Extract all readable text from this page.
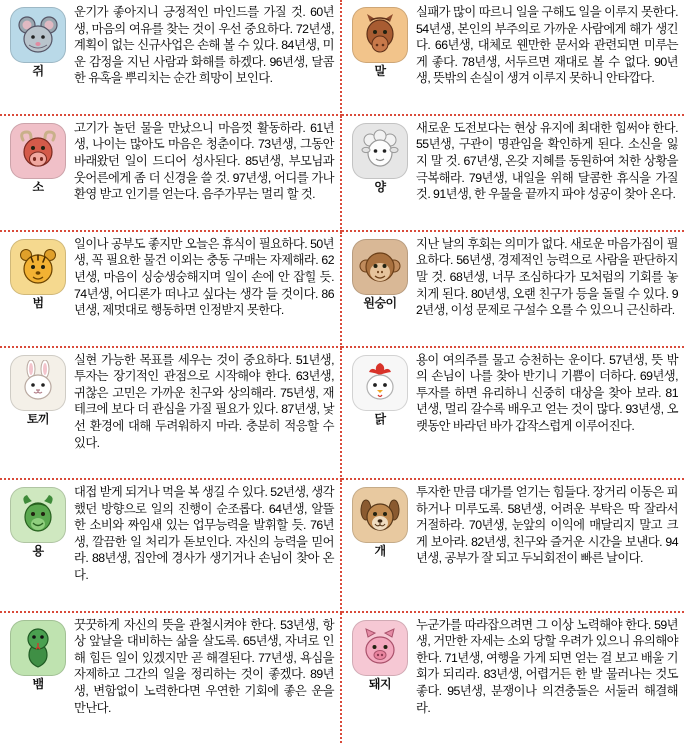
쥐
운기가 좋아지니 긍정적인 마인드를 가질 것. 60년생, 마음의 여유를 찾는 것이 우선 중요하다. 72년생, 계획이 없는 신규사업은 손해 볼 수 있다. 84년생, 미운 감정을 지닌 사람과 화해를 하겠다. 96년생, 달콤한 유혹을 뿌리치는 순간 희망이 보인다.
말
실패가 많이 따르니 일을 구해도 일을 이루지 못한다. 54년생, 본인의 부주의로 가까운 사람에게 해가 생긴다. 66년생, 대체로 웬만한 문서와 관련되면 미루는 게 좋다. 78년생, 서두르면 재대로 볼 수 없다. 90년생, 뜻밖의 손실이 생겨 이루지 못하니 안타깝다.
소
고기가 놀던 물을 만났으니 마음껏 활동하라. 61년생, 나이는 많아도 마음은 청춘이다. 73년생, 그동안 바래왔던 일이 드디어 성사된다. 85년생, 부모님과 웃어른에게 좀 더 신경을 쓸 것. 97년생, 어디를 가나 환영 받고 인기를 얻는다. 음주가무는 멀리 할 것.
양
새로운 도전보다는 현상 유지에 최대한 힘써야 한다. 55년생, 구관이 명관임을 확인하게 된다. 소신을 잃지 말 것. 67년생, 온갖 지혜를 동원하여 처한 상황을 극복해라. 79년생, 내일을 위해 달콤한 휴식을 가질 것. 91년생, 한 우물을 끝까지 파야 성공이 찾아 온다.
범
일이나 공부도 좋지만 오늘은 휴식이 필요하다. 50년생, 꼭 필요한 물건 이외는 충동 구매는 자제해라. 62년생, 마음이 싱숭생숭해지며 일이 손에 안 잡힐 듯. 74년생, 어디론가 떠나고 싶다는 생각 들 것이다. 86년생, 제멋대로 행동하면 인정받지 못한다.
원숭이
지난 날의 후회는 의미가 없다. 새로운 마음가짐이 필요하다. 56년생, 경제적인 능력으로 사람을 판단하지 말 것. 68년생, 너무 조심하다가 모처럼의 기회를 놓치게 된다. 80년생, 오랜 친구가 등을 돌릴 수 있다. 92년생, 이성 문제로 구설수 오를 수 있으니 근신하라.
토끼
실현 가능한 목표를 세우는 것이 중요하다. 51년생, 투자는 장기적인 관점으로 시작해야 한다. 63년생, 귀찮은 고민은 가까운 친구와 상의해라. 75년생, 재테크에 보다 더 관심을 가질 필요가 있다. 87년생, 낯선 환경에 대해 두려워하지 마라. 충분히 적응할 수 있다.
닭
용이 여의주를 물고 승천하는 운이다. 57년생, 뜻 밖의 손님이 나를 찾아 반기니 기쁨이 더하다. 69년생, 투자를 하면 유리하니 신중히 대상을 찾아 보라. 81년생, 멀리 갈수록 배우고 얻는 것이 많다. 93년생, 오랫동안 바라던 바가 갑작스럽게 이루어진다.
용
대접 받게 되거나 먹을 복 생길 수 있다. 52년생, 생각했던 방향으로 일의 진행이 순조롭다. 64년생, 알뜰한 소비와 짜임새 있는 업무능력을 발휘할 듯. 76년생, 깔끔한 일 처리가 돋보인다. 자신의 능력을 믿어라. 88년생, 집안에 경사가 생기거나 손님이 찾아 온다.
개
투자한 만큼 대가를 얻기는 힘들다. 장거리 이동은 피하거나 미루도록. 58년생, 어려운 부탁은 딱 잘라서 거절하라. 70년생, 눈앞의 이익에 매달리지 말고 크게 보아라. 82년생, 친구와 즐거운 시간을 보낸다. 94년생, 공부가 잘 되고 두뇌회전이 빠른 날이다.
뱀
꿋꿋하게 자신의 뜻을 관철시켜야 한다. 53년생, 항상 앞날을 대비하는 삶을 살도록. 65년생, 자녀로 인해 힘든 일이 있겠지만 곧 해결된다. 77년생, 욕심을 자제하고 그간의 일을 정리하는 것이 좋겠다. 89년생, 변함없이 노력한다면 우연한 기회에 좋은 운을 만난다.
돼지
누군가를 따라잡으려면 그 이상 노력해야 한다. 59년생, 거만한 자세는 소외 당할 우려가 있으니 유의해야 한다. 71년생, 여행을 가게 되면 얻는 걸 보고 배울 기회가 되리라. 83년생, 어렵거든 한 발 물러나는 것도 좋다. 95년생, 분쟁이나 의견충돌은 서둘러 해결해라.
